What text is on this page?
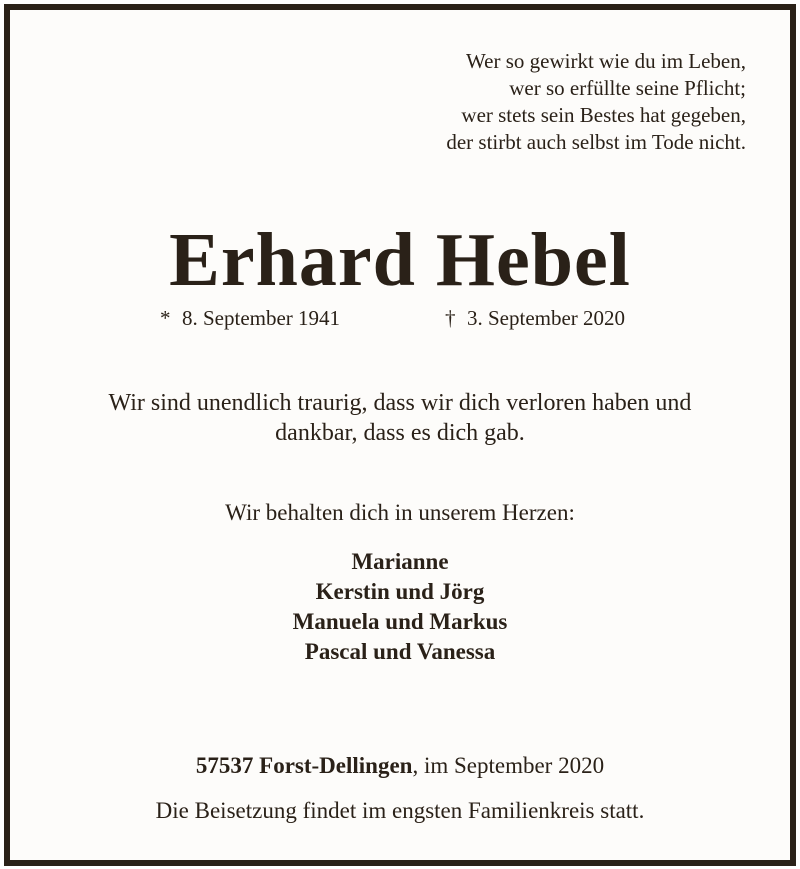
Wer so gewirkt wie du im Leben,
wer so erfüllte seine Pflicht;
wer stets sein Bestes hat gegeben,
der stirbt auch selbst im Tode nicht.
Erhard Hebel
* 8. September 1941	† 3. September 2020
Wir sind unendlich traurig, dass wir dich verloren haben und
dankbar, dass es dich gab.
Wir behalten dich in unserem Herzen:
Marianne
Kerstin und Jörg
Manuela und Markus
Pascal und Vanessa
57537 Forst-Dellingen, im September 2020
Die Beisetzung findet im engsten Familienkreis statt.
